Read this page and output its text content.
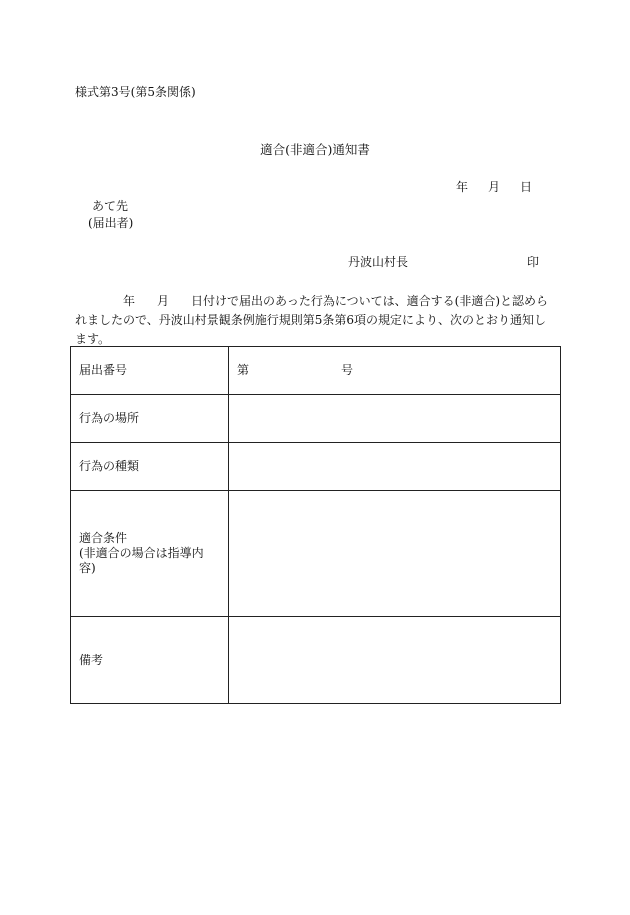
様式第3号(第5条関係)
適合(非適合)通知書
年 月 日
あて先
(届出者)
丹波山村長	印
年 月 日付けで届出のあった行為については、適合する(非適合)と認められましたので、丹波山村景観条例施行規則第5条第6項の規定により、次のとおり通知します。
届出番号	第 号
行為の場所	
行為の種類	

適合条件
(非適合の場合は指導内容)	

備考	
